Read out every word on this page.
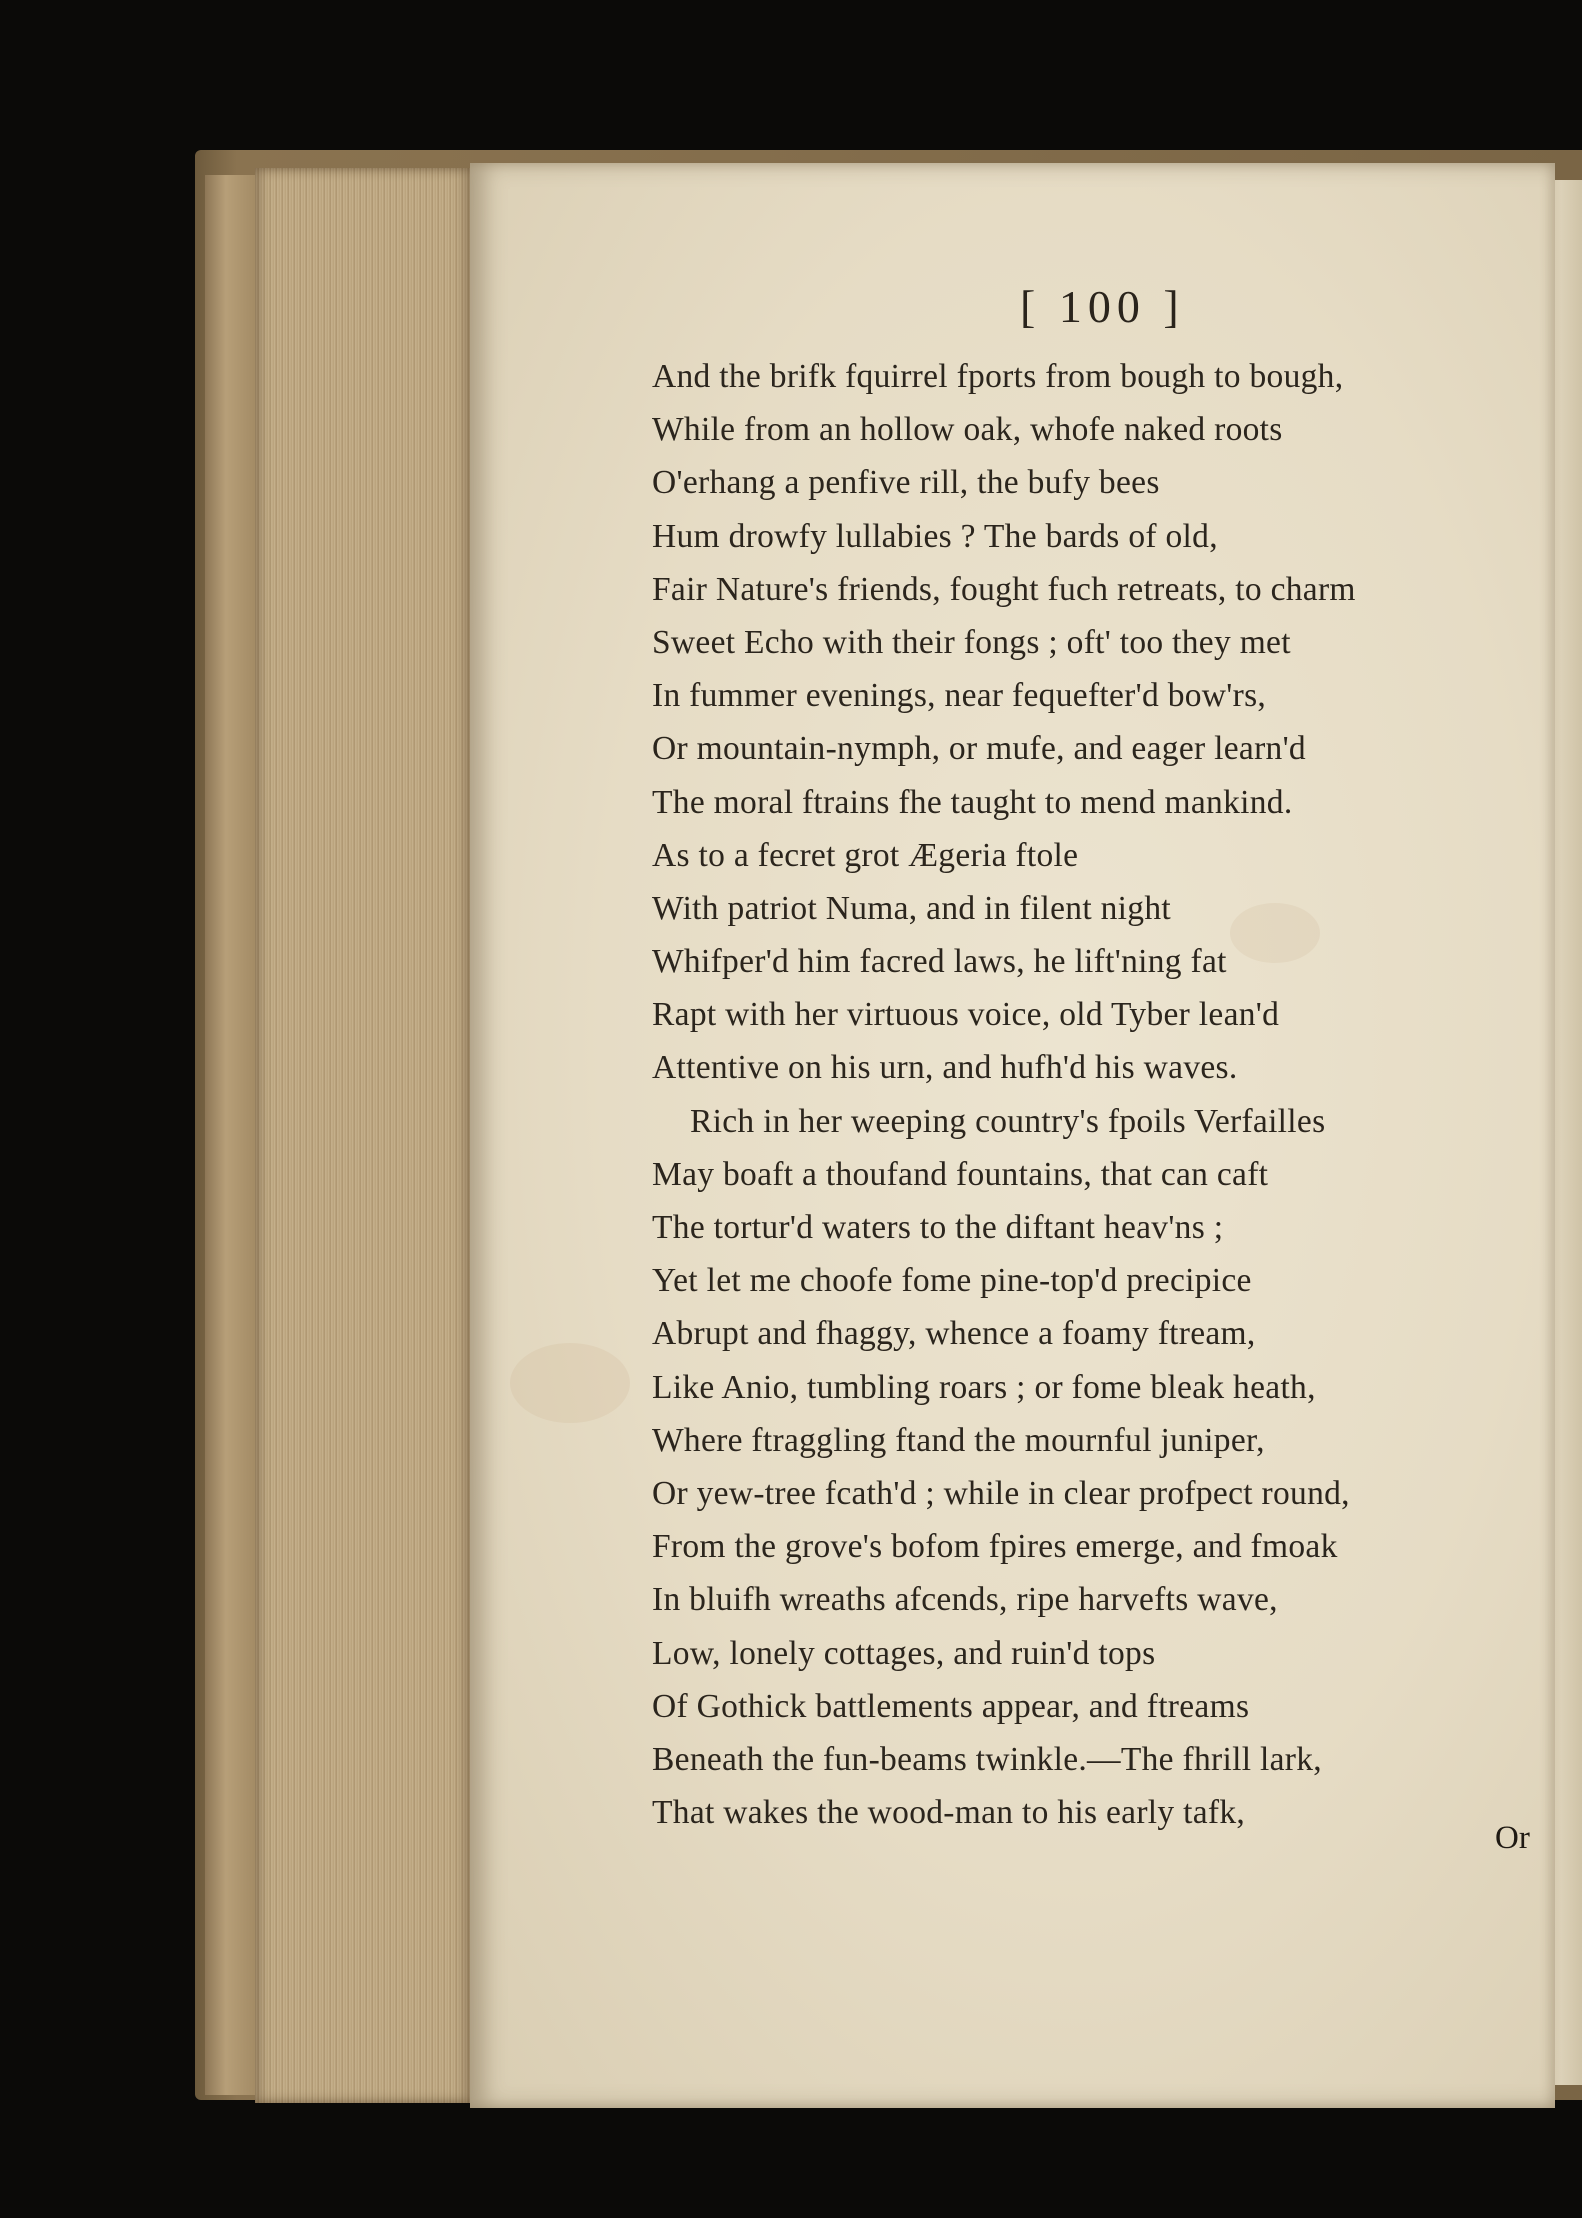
[ 100 ]

And the brifk fquirrel fports from bough to bough,
While from an hollow oak, whofe naked roots
O'erhang a penfive rill, the bufy bees
Hum drowfy lullabies ? The bards of old,
Fair Nature's friends, fought fuch retreats, to charm
Sweet Echo with their fongs ; oft' too they met
In fummer evenings, near fequefter'd bow'rs,
Or mountain-nymph, or mufe, and eager learn'd
The moral ftrains fhe taught to mend mankind.
As to a fecret grot Ægeria ftole
With patriot Numa, and in filent night
Whifper'd him facred laws, he lift'ning fat
Rapt with her virtuous voice, old Tyber lean'd
Attentive on his urn, and hufh'd his waves.
Rich in her weeping country's fpoils Verfailles
May boaft a thoufand fountains, that can caft
The tortur'd waters to the diftant heav'ns ;
Yet let me choofe fome pine-top'd precipice
Abrupt and fhaggy, whence a foamy ftream,
Like Anio, tumbling roars ; or fome bleak heath,
Where ftraggling ftand the mournful juniper,
Or yew-tree fcath'd ; while in clear profpect round,
From the grove's bofom fpires emerge, and fmoak
In bluifh wreaths afcends, ripe harvefts wave,
Low, lonely cottages, and ruin'd tops
Of Gothick battlements appear, and ftreams
Beneath the fun-beams twinkle.—The fhrill lark,
That wakes the wood-man to his early tafk,

Or
